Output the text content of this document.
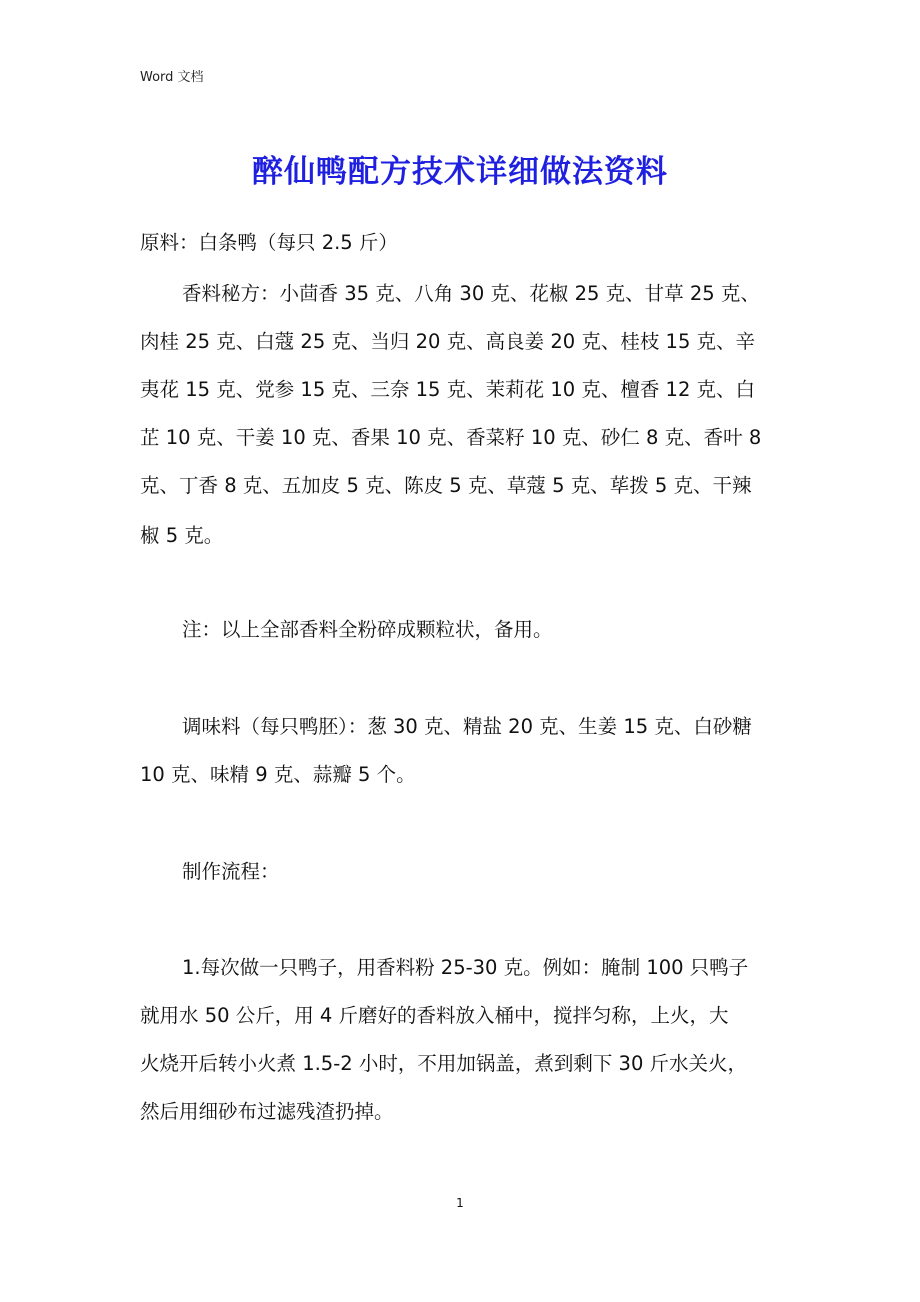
Word 文档
醉仙鸭配方技术详细做法资料
原料：白条鸭（每只 2.5 斤）
香料秘方：小茴香 35 克、八角 30 克、花椒 25 克、甘草 25 克、
肉桂 25 克、白蔻 25 克、当归 20 克、高良姜 20 克、桂枝 15 克、辛
夷花 15 克、党参 15 克、三奈 15 克、茉莉花 10 克、檀香 12 克、白
芷 10 克、干姜 10 克、香果 10 克、香菜籽 10 克、砂仁 8 克、香叶 8
克、丁香 8 克、五加皮 5 克、陈皮 5 克、草蔻 5 克、荜拨 5 克、干辣
椒 5 克。
注：以上全部香料全粉碎成颗粒状，备用。
调味料（每只鸭胚）：葱 30 克、精盐 20 克、生姜 15 克、白砂糖
10 克、味精 9 克、蒜瓣 5 个。
制作流程：
1.每次做一只鸭子，用香料粉 25-30 克。例如：腌制 100 只鸭子
就用水 50 公斤，用 4 斤磨好的香料放入桶中，搅拌匀称，上火，大
火烧开后转小火煮 1.5-2 小时，不用加锅盖，煮到剩下 30 斤水关火，
然后用细砂布过滤残渣扔掉。
1
